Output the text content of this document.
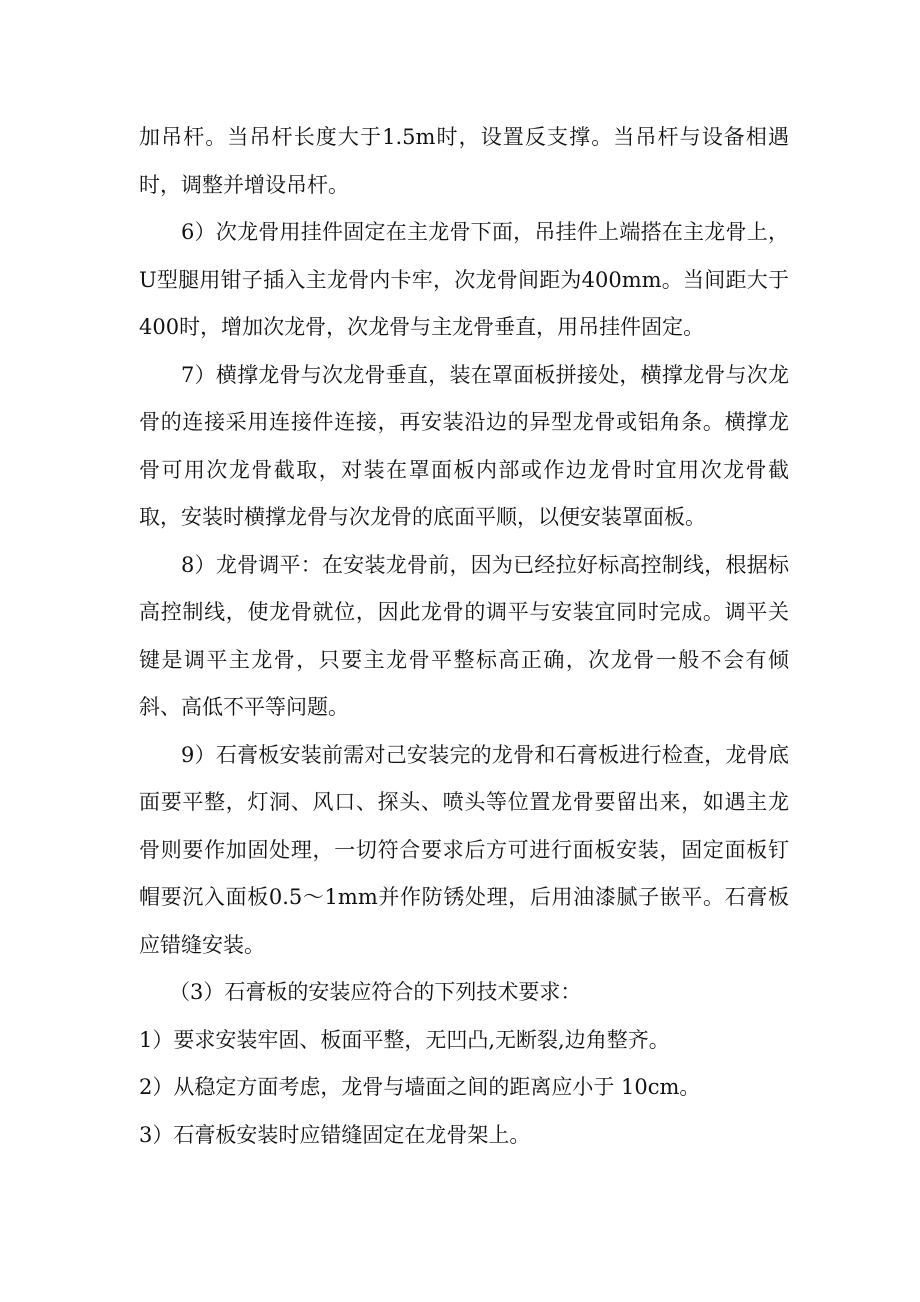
加吊杆。当吊杆长度大于1.5m时，设置反支撑。当吊杆与设备相遇时，调整并增设吊杆。

6）次龙骨用挂件固定在主龙骨下面，吊挂件上端搭在主龙骨上，U型腿用钳子插入主龙骨内卡牢，次龙骨间距为400mm。当间距大于400时，增加次龙骨，次龙骨与主龙骨垂直，用吊挂件固定。

7）横撑龙骨与次龙骨垂直，装在罩面板拼接处，横撑龙骨与次龙骨的连接采用连接件连接，再安装沿边的异型龙骨或铝角条。横撑龙骨可用次龙骨截取，对装在罩面板内部或作边龙骨时宜用次龙骨截取，安装时横撑龙骨与次龙骨的底面平顺，以便安装罩面板。

8）龙骨调平：在安装龙骨前，因为已经拉好标高控制线，根据标高控制线，使龙骨就位，因此龙骨的调平与安装宜同时完成。调平关键是调平主龙骨，只要主龙骨平整标高正确，次龙骨一般不会有倾斜、高低不平等问题。

9）石膏板安装前需对己安装完的龙骨和石膏板进行检查，龙骨底面要平整，灯洞、风口、探头、喷头等位置龙骨要留出来，如遇主龙骨则要作加固处理，一切符合要求后方可进行面板安装，固定面板钉帽要沉入面板0.5～1mm并作防锈处理，后用油漆腻子嵌平。石膏板应错缝安装。

（3）石膏板的安装应符合的下列技术要求：

1）要求安装牢固、板面平整，无凹凸,无断裂,边角整齐。

2）从稳定方面考虑，龙骨与墙面之间的距离应小于 10cm。

3）石膏板安装时应错缝固定在龙骨架上。
